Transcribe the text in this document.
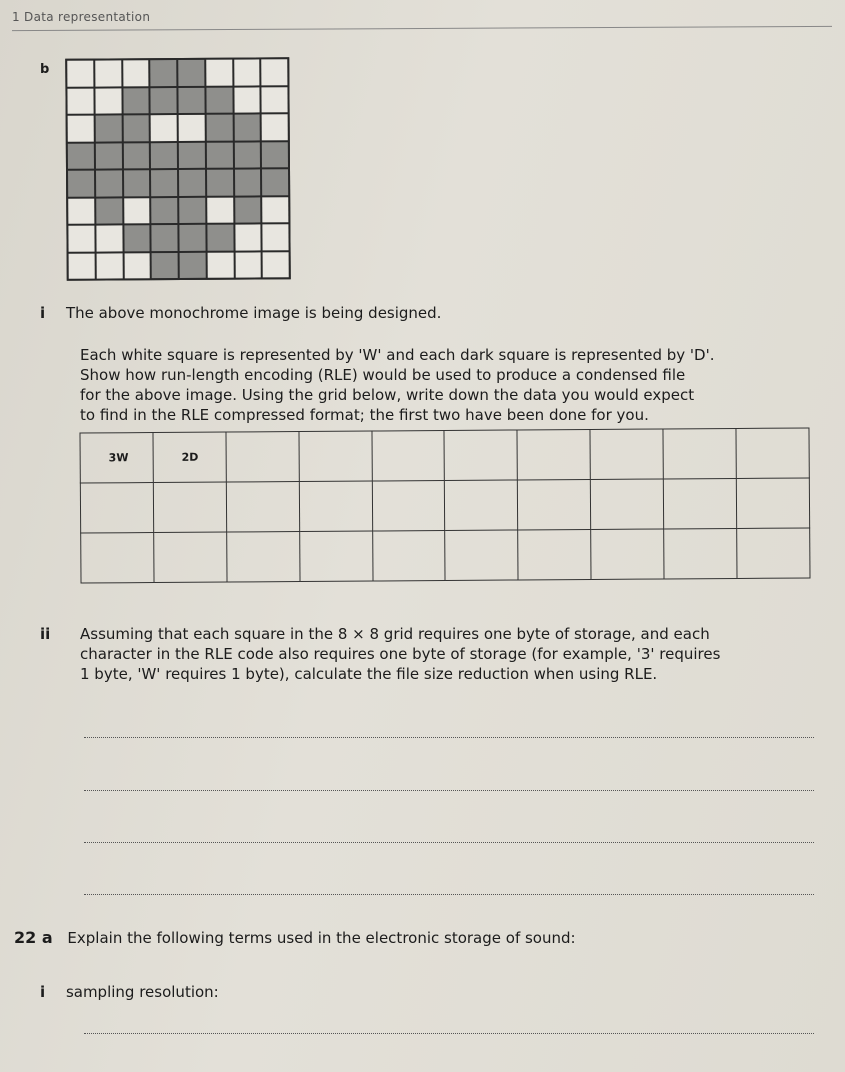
1 Data representation
b
i The above monochrome image is being designed.
Each white square is represented by 'W' and each dark square is represented by 'D'.
Show how run-length encoding (RLE) would be used to produce a condensed file
for the above image. Using the grid below, write down the data you would expect
to find in the RLE compressed format; the first two have been done for you.
3W	2D								

ii Assuming that each square in the 8 × 8 grid requires one byte of storage, and each
character in the RLE code also requires one byte of storage (for example, '3' requires
1 byte, 'W' requires 1 byte), calculate the file size reduction when using RLE.
22 a Explain the following terms used in the electronic storage of sound:
i sampling resolution:
